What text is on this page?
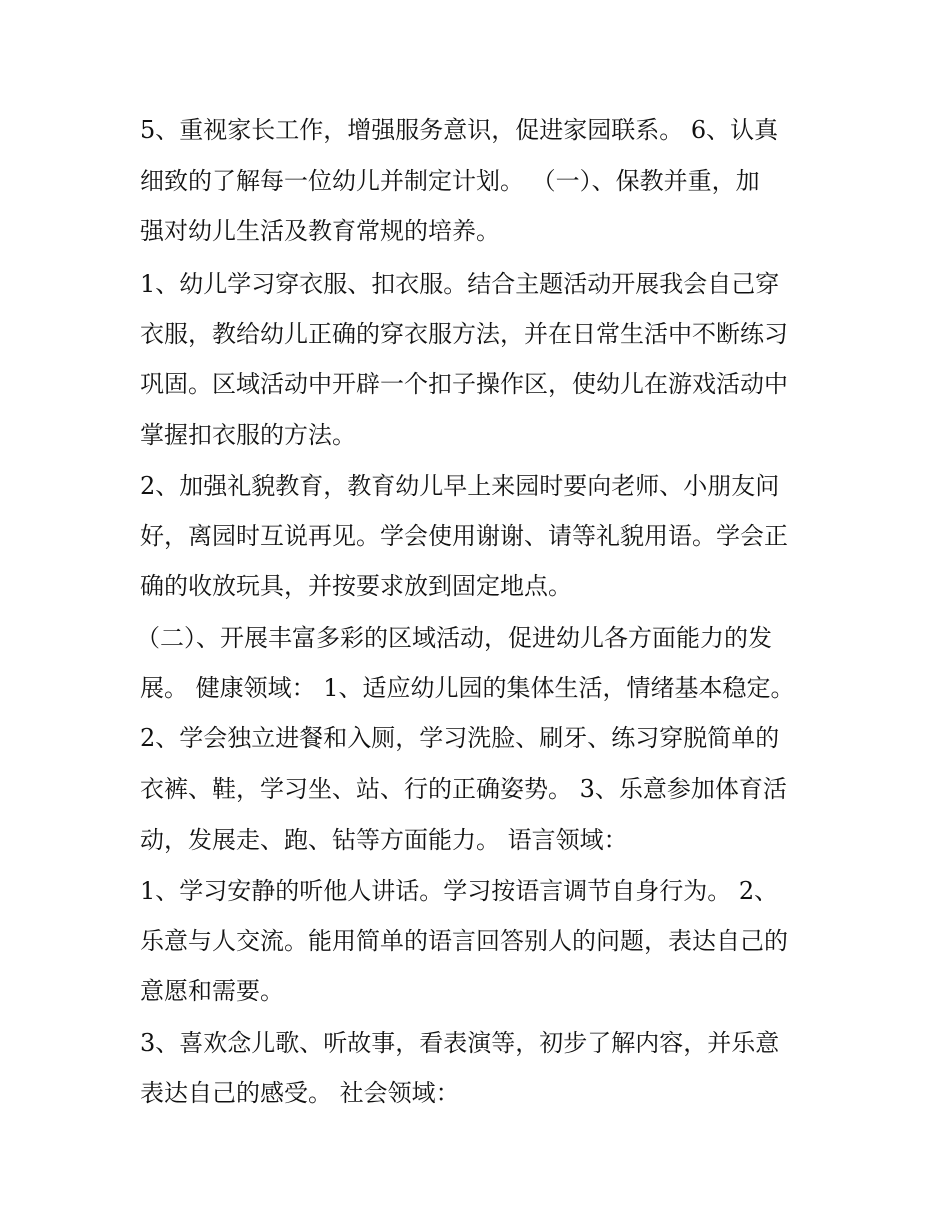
5、重视家长工作，增强服务意识，促进家园联系。 6、认真
细致的了解每一位幼儿并制定计划。 （一）、保教并重，加
强对幼儿生活及教育常规的培养。
1、幼儿学习穿衣服、扣衣服。结合主题活动开展我会自己穿
衣服，教给幼儿正确的穿衣服方法，并在日常生活中不断练习
巩固。区域活动中开辟一个扣子操作区，使幼儿在游戏活动中
掌握扣衣服的方法。
2、加强礼貌教育，教育幼儿早上来园时要向老师、小朋友问
好，离园时互说再见。学会使用谢谢、请等礼貌用语。学会正
确的收放玩具，并按要求放到固定地点。
（二）、开展丰富多彩的区域活动，促进幼儿各方面能力的发
展。 健康领域： 1、适应幼儿园的集体生活，情绪基本稳定。
2、学会独立进餐和入厕，学习洗脸、刷牙、练习穿脱简单的
衣裤、鞋，学习坐、站、行的正确姿势。 3、乐意参加体育活
动，发展走、跑、钻等方面能力。 语言领域：
1、学习安静的听他人讲话。学习按语言调节自身行为。 2、
乐意与人交流。能用简单的语言回答别人的问题，表达自己的
意愿和需要。
3、喜欢念儿歌、听故事，看表演等，初步了解内容，并乐意
表达自己的感受。 社会领域：
